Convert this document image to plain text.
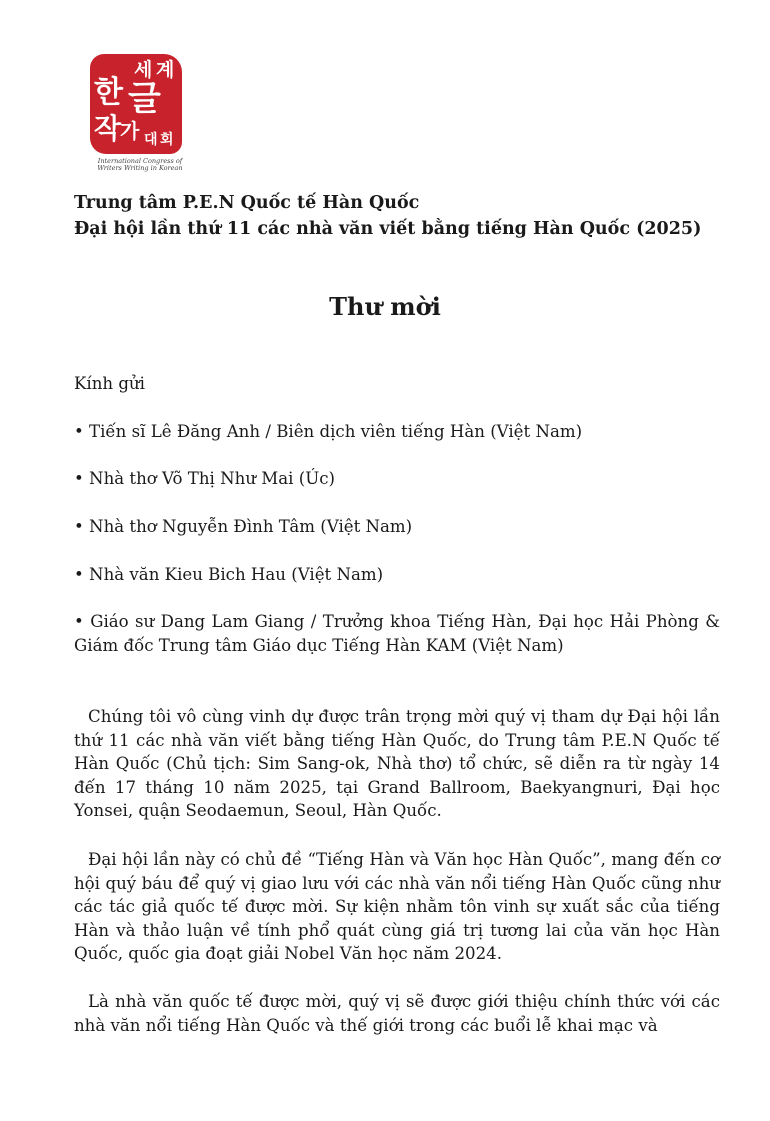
세 계
한 글
작
가 대 회
International Congress of Writers Writing in Korean
Trung tâm P.E.N Quốc tế Hàn Quốc
Đại hội lần thứ 11 các nhà văn viết bằng tiếng Hàn Quốc (2025)
Thư mời
Kính gửi
• Tiến sĩ Lê Đăng Anh / Biên dịch viên tiếng Hàn (Việt Nam)
• Nhà thơ Võ Thị Như Mai (Úc)
• Nhà thơ Nguyễn Đình Tâm (Việt Nam)
• Nhà văn Kieu Bich Hau (Việt Nam)
• Giáo sư Dang Lam Giang / Trưởng khoa Tiếng Hàn, Đại học Hải Phòng & Giám đốc Trung tâm Giáo dục Tiếng Hàn KAM (Việt Nam)
Chúng tôi vô cùng vinh dự được trân trọng mời quý vị tham dự Đại hội lần thứ 11 các nhà văn viết bằng tiếng Hàn Quốc, do Trung tâm P.E.N Quốc tế Hàn Quốc (Chủ tịch: Sim Sang-ok, Nhà thơ) tổ chức, sẽ diễn ra từ ngày 14 đến 17 tháng 10 năm 2025, tại Grand Ballroom, Baekyangnuri, Đại học Yonsei, quận Seodaemun, Seoul, Hàn Quốc.
Đại hội lần này có chủ đề “Tiếng Hàn và Văn học Hàn Quốc”, mang đến cơ hội quý báu để quý vị giao lưu với các nhà văn nổi tiếng Hàn Quốc cũng như các tác giả quốc tế được mời. Sự kiện nhằm tôn vinh sự xuất sắc của tiếng Hàn và thảo luận về tính phổ quát cùng giá trị tương lai của văn học Hàn Quốc, quốc gia đoạt giải Nobel Văn học năm 2024.
Là nhà văn quốc tế được mời, quý vị sẽ được giới thiệu chính thức với các nhà văn nổi tiếng Hàn Quốc và thế giới trong các buổi lễ khai mạc và
